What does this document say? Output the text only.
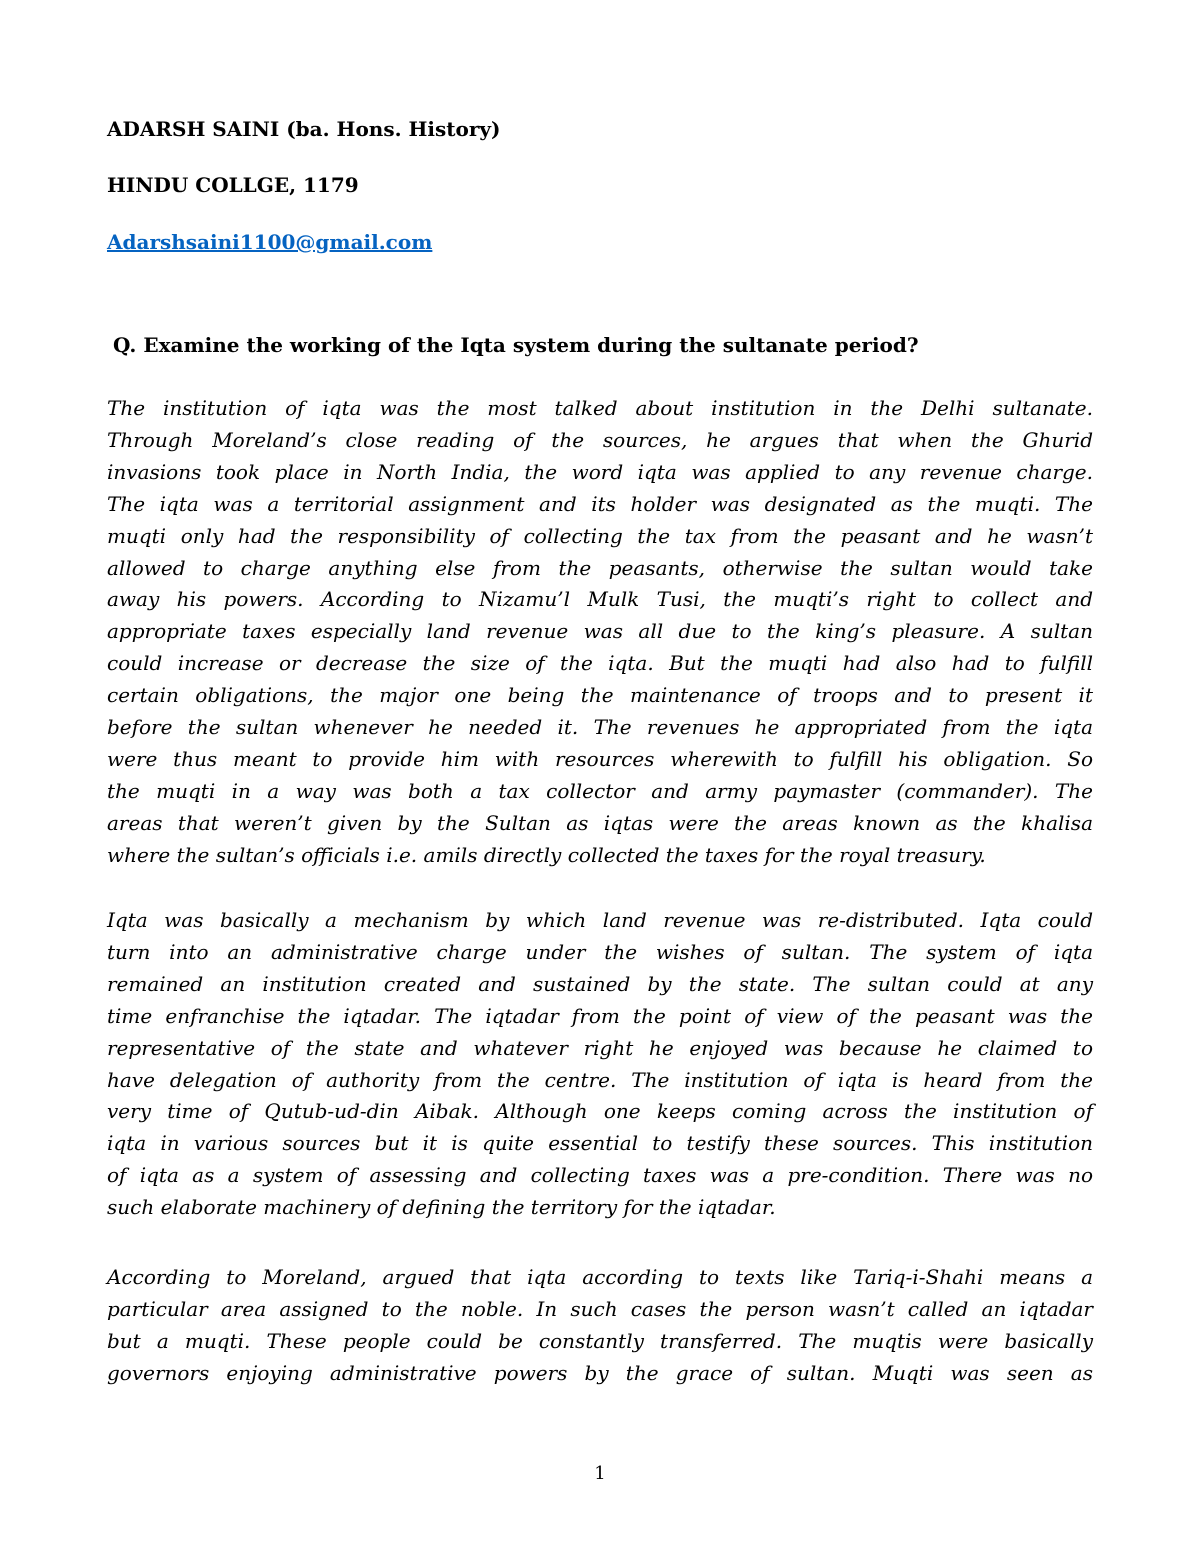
ADARSH SAINI (ba. Hons. History)
HINDU COLLGE, 1179
Adarshsaini1100@gmail.com
Q. Examine the working of the Iqta system during the sultanate period?
The institution of iqta was the most talked about institution in the Delhi sultanate.
Through Moreland’s close reading of the sources, he argues that when the Ghurid
invasions took place in North India, the word iqta was applied to any revenue charge.
The iqta was a territorial assignment and its holder was designated as the muqti. The
muqti only had the responsibility of collecting the tax from the peasant and he wasn’t
allowed to charge anything else from the peasants, otherwise the sultan would take
away his powers. According to Nizamu’l Mulk Tusi, the muqti’s right to collect and
appropriate taxes especially land revenue was all due to the king’s pleasure. A sultan
could increase or decrease the size of the iqta. But the muqti had also had to fulfill
certain obligations, the major one being the maintenance of troops and to present it
before the sultan whenever he needed it. The revenues he appropriated from the iqta
were thus meant to provide him with resources wherewith to fulfill his obligation. So
the muqti in a way was both a tax collector and army paymaster (commander). The
areas that weren’t given by the Sultan as iqtas were the areas known as the khalisa
where the sultan’s officials i.e. amils directly collected the taxes for the royal treasury.
Iqta was basically a mechanism by which land revenue was re-distributed. Iqta could
turn into an administrative charge under the wishes of sultan. The system of iqta
remained an institution created and sustained by the state. The sultan could at any
time enfranchise the iqtadar. The iqtadar from the point of view of the peasant was the
representative of the state and whatever right he enjoyed was because he claimed to
have delegation of authority from the centre. The institution of iqta is heard from the
very time of Qutub-ud-din Aibak. Although one keeps coming across the institution of
iqta in various sources but it is quite essential to testify these sources. This institution
of iqta as a system of assessing and collecting taxes was a pre-condition. There was no
such elaborate machinery of defining the territory for the iqtadar.
According to Moreland, argued that iqta according to texts like Tariq-i-Shahi means a
particular area assigned to the noble. In such cases the person wasn’t called an iqtadar
but a muqti. These people could be constantly transferred. The muqtis were basically
governors enjoying administrative powers by the grace of sultan. Muqti was seen as
1
